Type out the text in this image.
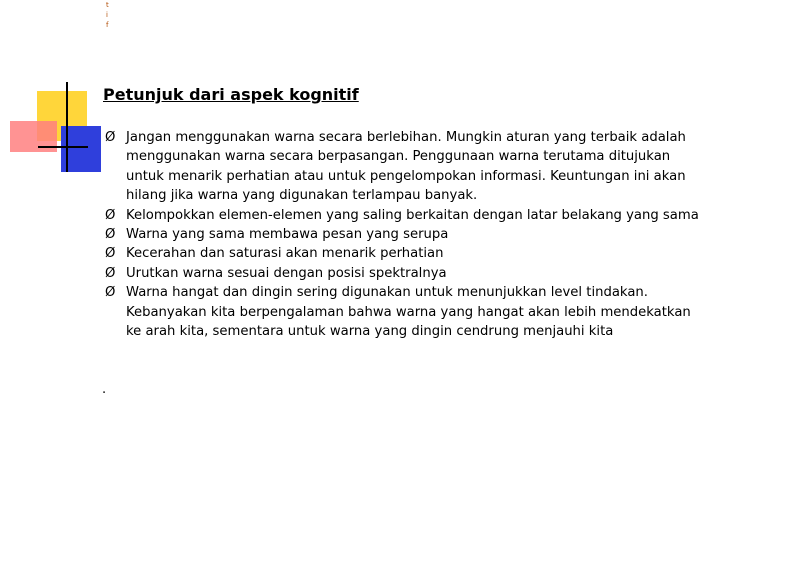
t
i
f
Petunjuk dari aspek kognitif
Ø Jangan menggunakan warna secara berlebihan. Mungkin aturan yang terbaik adalah menggunakan warna secara berpasangan. Penggunaan warna terutama ditujukan untuk menarik perhatian atau untuk pengelompokan informasi. Keuntungan ini akan hilang jika warna yang digunakan terlampau banyak.
Ø Kelompokkan elemen-elemen yang saling berkaitan dengan latar belakang yang sama
Ø Warna yang sama membawa pesan yang serupa
Ø Kecerahan dan saturasi akan menarik perhatian
Ø Urutkan warna sesuai dengan posisi spektralnya
Ø Warna hangat dan dingin sering digunakan untuk menunjukkan level tindakan. Kebanyakan kita berpengalaman bahwa warna yang hangat akan lebih mendekatkan ke arah kita, sementara untuk warna yang dingin cendrung menjauhi kita
.
